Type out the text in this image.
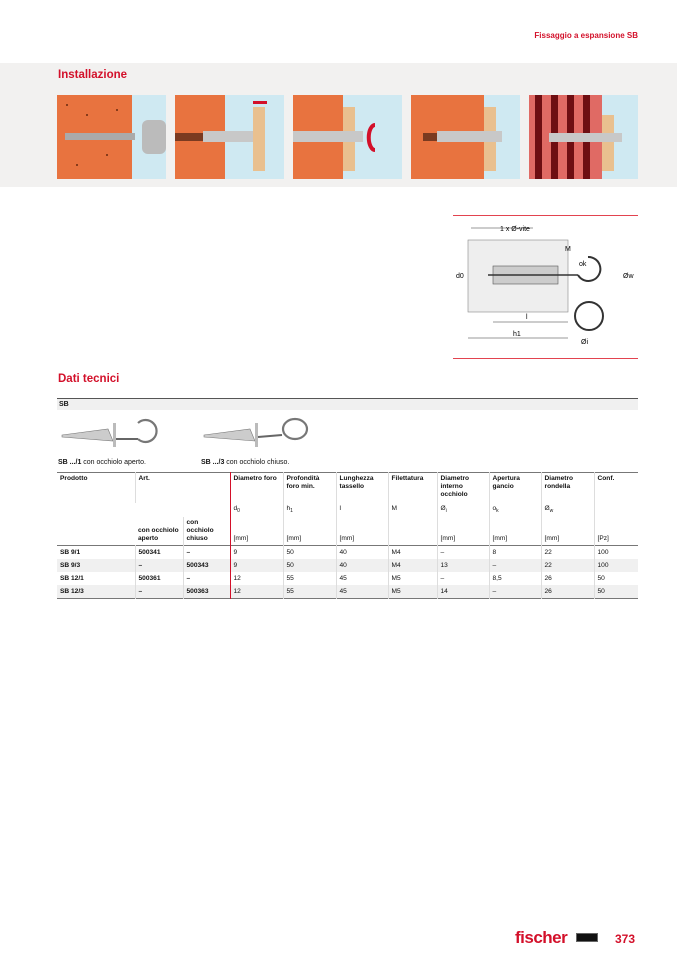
Fissaggio a espansione SB
Installazione
1 x Ø-vite
d0
M
ok
Øw
l
h1
Øi
Dati tecnici
SB
SB .../1 con occhiolo aperto.	SB .../3 con occhiolo chiuso.
Prodotto	Art.		Diametro foro	Profondità foro min.	Lunghezza tassello	Filettatura	Diametro interno occhiolo	Apertura gancio	Diametro rondella	Conf.
			$d_0$	$h_1$	l	M	$Ø_i$	$o_k$	$Ø_w$	
	con occhiolo aperto	con occhiolo chiuso	[mm]	[mm]	[mm]		[mm]	[mm]	[mm]	[Pz]
SB 9/1	500341	–	9	50	40	M4	–	8	22	100
SB 9/3	–	500343	9	50	40	M4	13	–	22	100
SB 12/1	500361	–	12	55	45	M5	–	8,5	26	50
SB 12/3	–	500363	12	55	45	M5	14	–	26	50
fischer	373
